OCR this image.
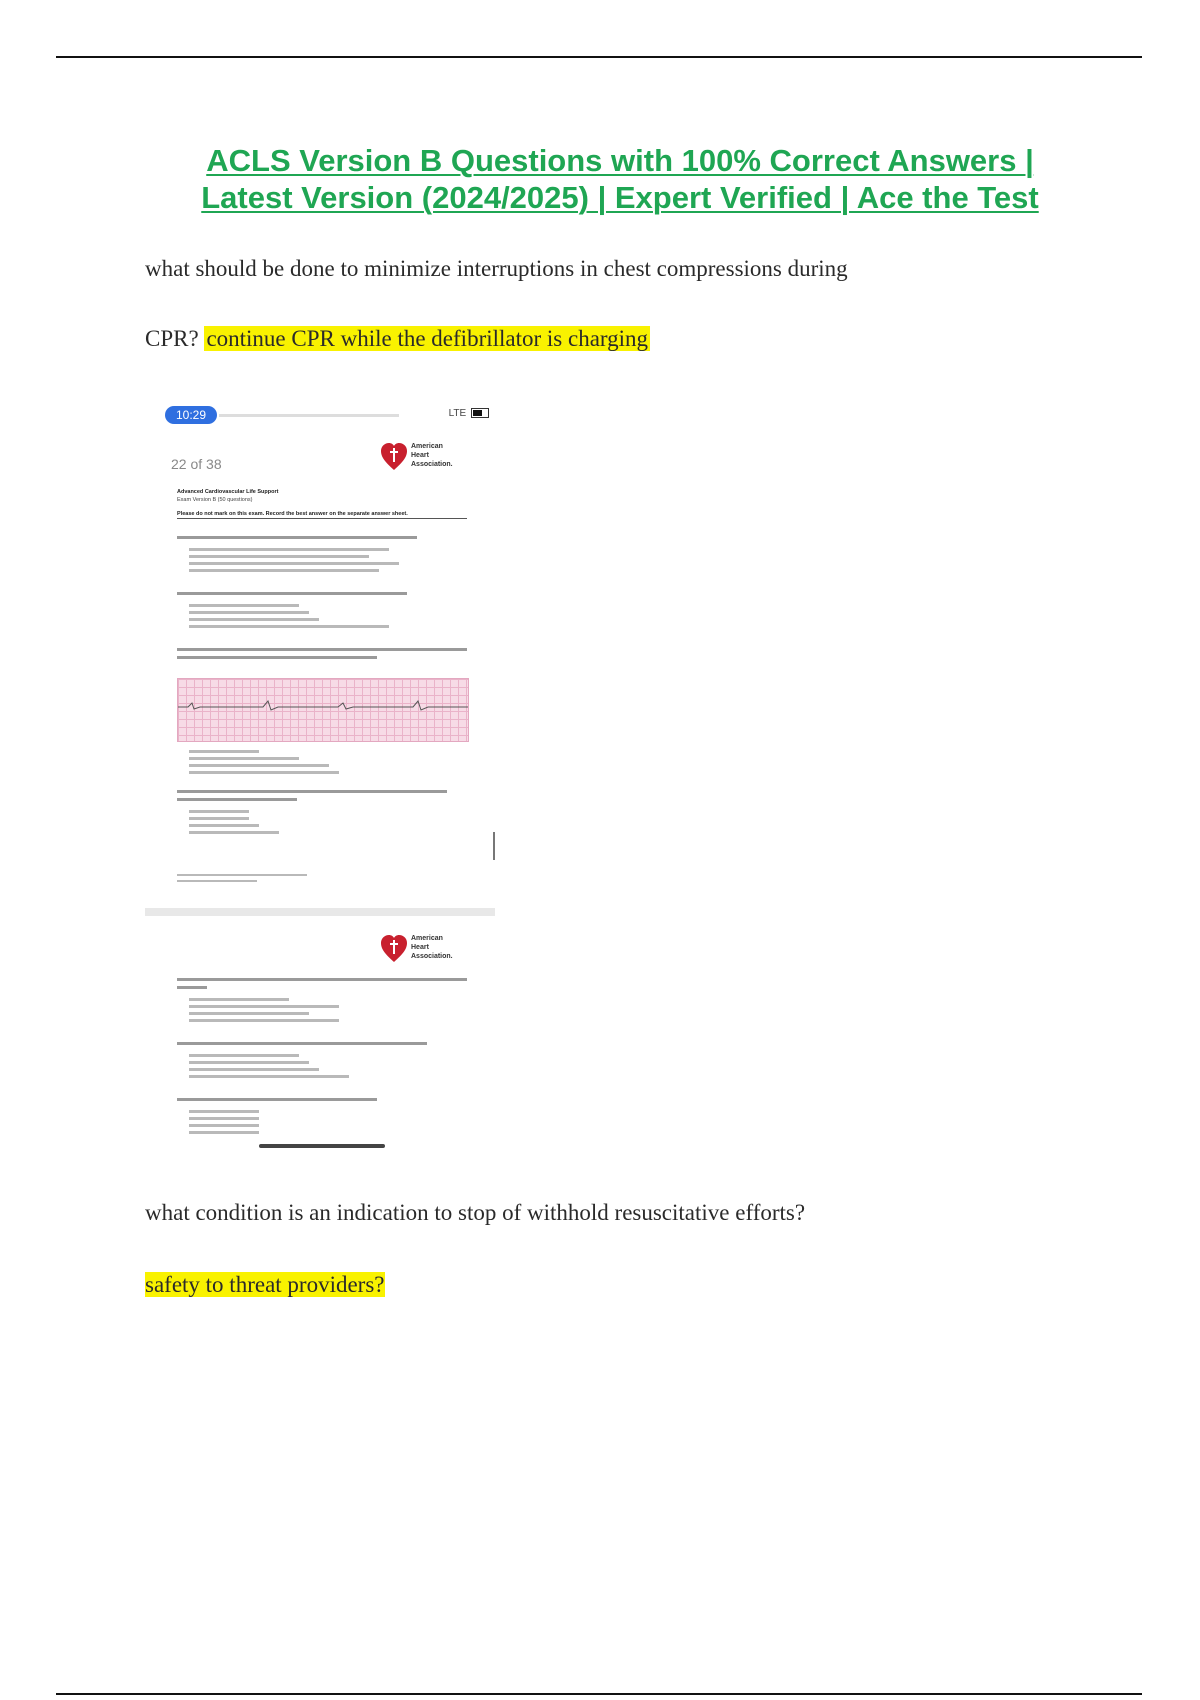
ACLS Version B Questions with 100% Correct Answers |
Latest Version (2024/2025) | Expert Verified | Ace the Test
what should be done to minimize interruptions in chest compressions during
CPR? continue CPR while the defibrillator is charging
10:29	LTE
22 of 38
American
Heart
Association.
Advanced Cardiovascular Life Support
Exam Version B (50 questions)
Please do not mark on this exam. Record the best answer on the separate answer sheet.
American
Heart
Association.
what condition is an indication to stop of withhold resuscitative efforts?
safety to threat providers?
